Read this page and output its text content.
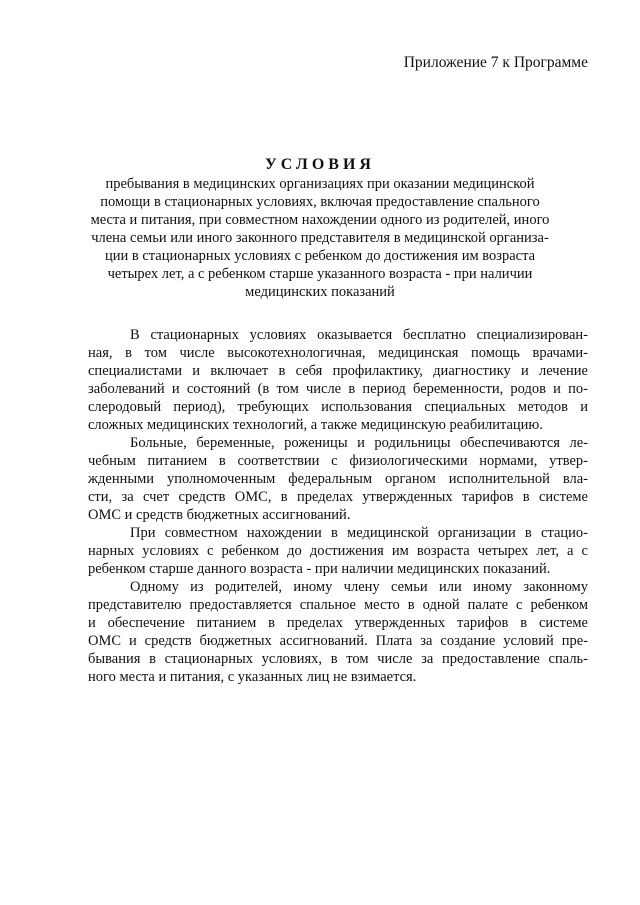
Приложение 7 к Программе
УСЛОВИЯ
пребывания в медицинских организациях при оказании медицинской
помощи в стационарных условиях, включая предоставление спального
места и питания, при совместном нахождении одного из родителей, иного
члена семьи или иного законного представителя в медицинской организа-
ции в стационарных условиях с ребенком до достижения им возраста
четырех лет, а с ребенком старше указанного возраста - при наличии
медицинских показаний
В стационарных условиях оказывается бесплатно специализирован-
ная, в том числе высокотехнологичная, медицинская помощь врачами-
специалистами и включает в себя профилактику, диагностику и лечение
заболеваний и состояний (в том числе в период беременности, родов и по-
слеродовый период), требующих использования специальных методов и
сложных медицинских технологий, а также медицинскую реабилитацию.
Больные, беременные, роженицы и родильницы обеспечиваются ле-
чебным питанием в соответствии с физиологическими нормами, утвер-
жденными уполномоченным федеральным органом исполнительной вла-
сти, за счет средств ОМС, в пределах утвержденных тарифов в системе
ОМС и средств бюджетных ассигнований.
При совместном нахождении в медицинской организации в стацио-
нарных условиях с ребенком до достижения им возраста четырех лет, а с
ребенком старше данного возраста - при наличии медицинских показаний.
Одному из родителей, иному члену семьи или иному законному
представителю предоставляется спальное место в одной палате с ребенком
и обеспечение питанием в пределах утвержденных тарифов в системе
ОМС и средств бюджетных ассигнований. Плата за создание условий пре-
бывания в стационарных условиях, в том числе за предоставление спаль-
ного места и питания, с указанных лиц не взимается.
